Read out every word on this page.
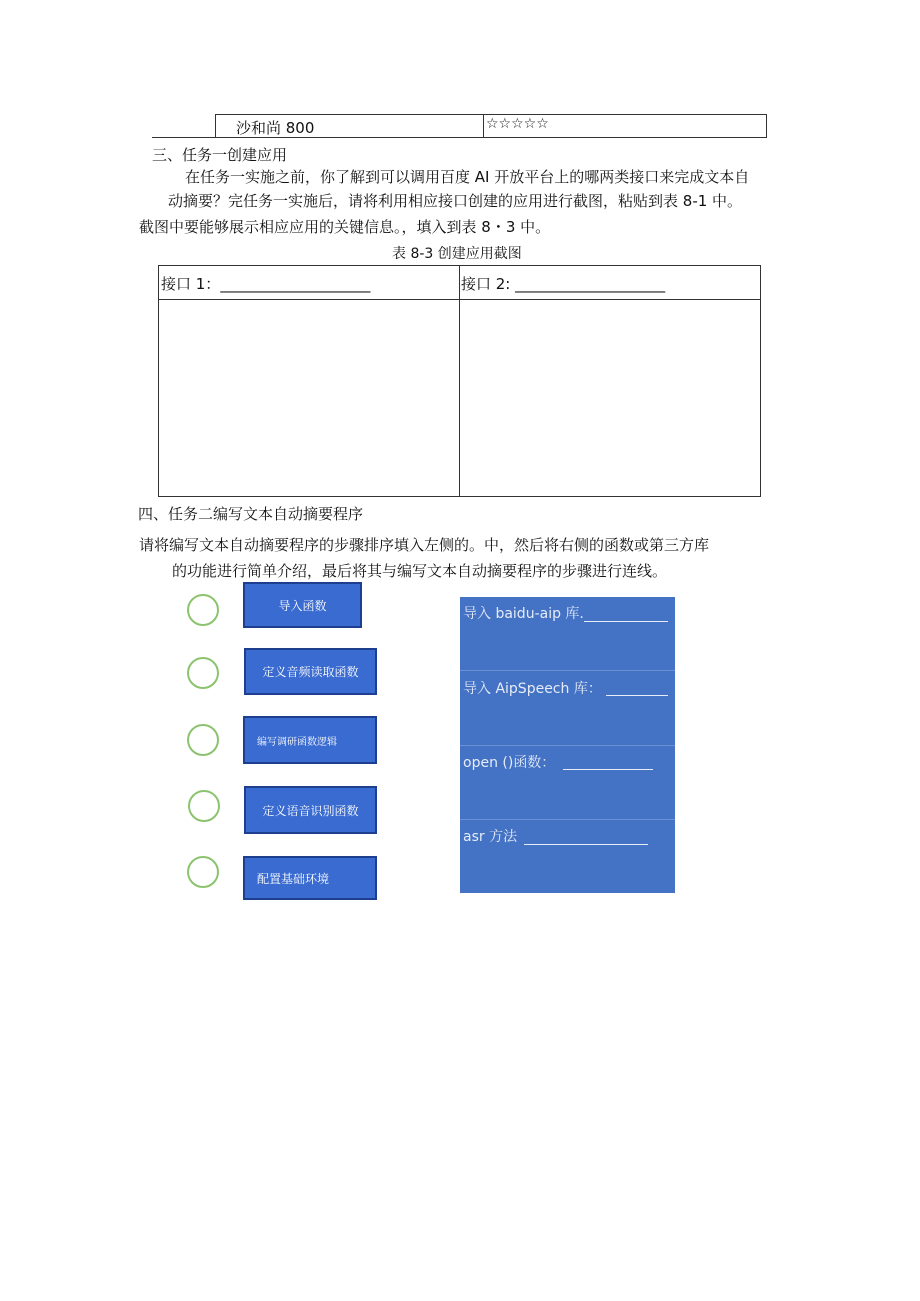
沙和尚 800	☆☆☆☆☆
三、任务一创建应用
在任务一实施之前，你了解到可以调用百度 AI 开放平台上的哪两类接口来完成文本自
动摘要？完任务一实施后，请将利用相应接口创建的应用进行截图，粘贴到表 8-1 中。
截图中要能够展示相应应用的关键信息。，填入到表 8・3 中。
表 8-3 创建应用截图
接口 1：____________________	接口 2: ____________________
四、任务二编写文本自动摘要程序
请将编写文本自动摘要程序的步骤排序填入左侧的。中，然后将右侧的函数或第三方库
的功能进行简单介绍，最后将其与编写文本自动摘要程序的步骤进行连线。
导入函数
定义音频读取函数
编写调研函数逻辑
定义语音识别函数
配置基础环境
导入 baidu-aip 库.
导入 AipSpeech 库：
open ()函数：
asr 方法
